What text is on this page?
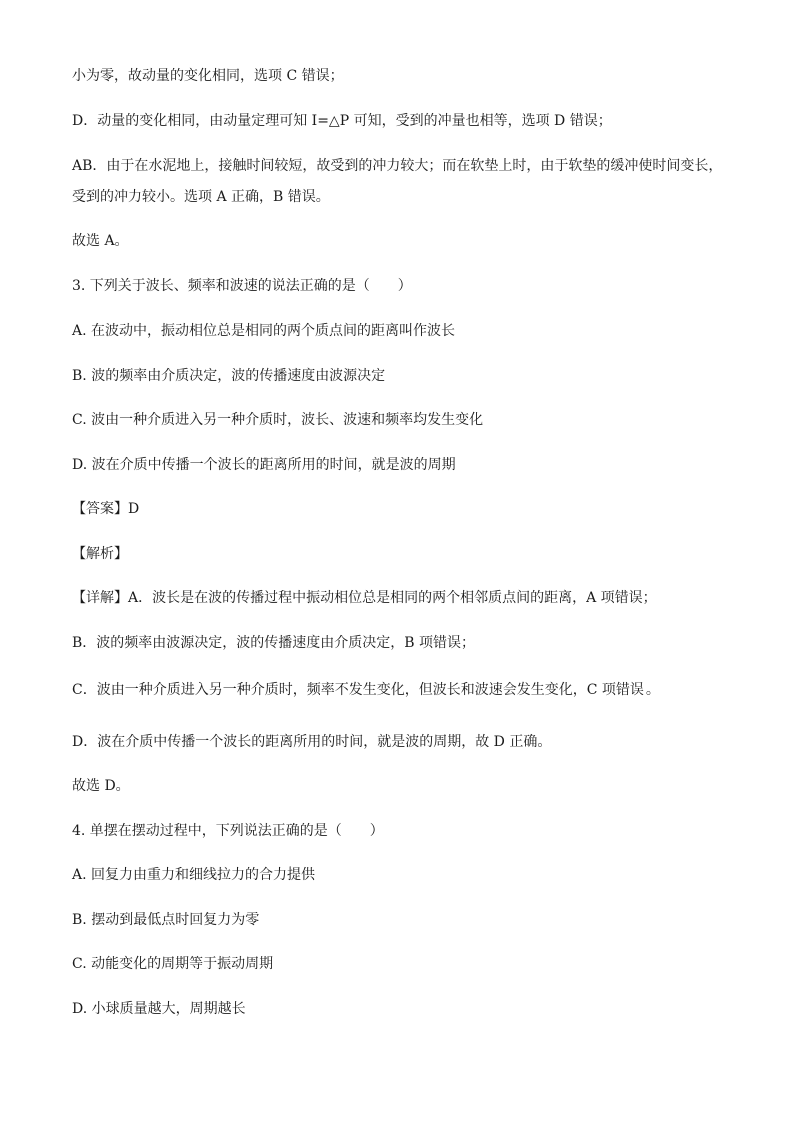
小为零，故动量的变化相同，选项 C 错误；
D．动量的变化相同，由动量定理可知 I=△P 可知，受到的冲量也相等，选项 D 错误；
AB．由于在水泥地上，接触时间较短，故受到的冲力较大；而在软垫上时，由于软垫的缓冲使时间变长，
受到的冲力较小。选项 A 正确，B 错误。
故选 A。
3. 下列关于波长、频率和波速的说法正确的是（　　）
A. 在波动中，振动相位总是相同的两个质点间的距离叫作波长
B. 波的频率由介质决定，波的传播速度由波源决定
C. 波由一种介质进入另一种介质时，波长、波速和频率均发生变化
D. 波在介质中传播一个波长的距离所用的时间，就是波的周期
【答案】D
【解析】
【详解】A．波长是在波的传播过程中振动相位总是相同的两个相邻质点间的距离，A 项错误；
B．波的频率由波源决定，波的传播速度由介质决定，B 项错误；
C．波由一种介质进入另一种介质时，频率不发生变化，但波长和波速会发生变化，C 项错误 。
D．波在介质中传播一个波长的距离所用的时间，就是波的周期，故 D 正确。
故选 D。
4. 单摆在摆动过程中，下列说法正确的是（　　）
A. 回复力由重力和细线拉力的合力提供
B. 摆动到最低点时回复力为零
C. 动能变化的周期等于振动周期
D. 小球质量越大，周期越长
